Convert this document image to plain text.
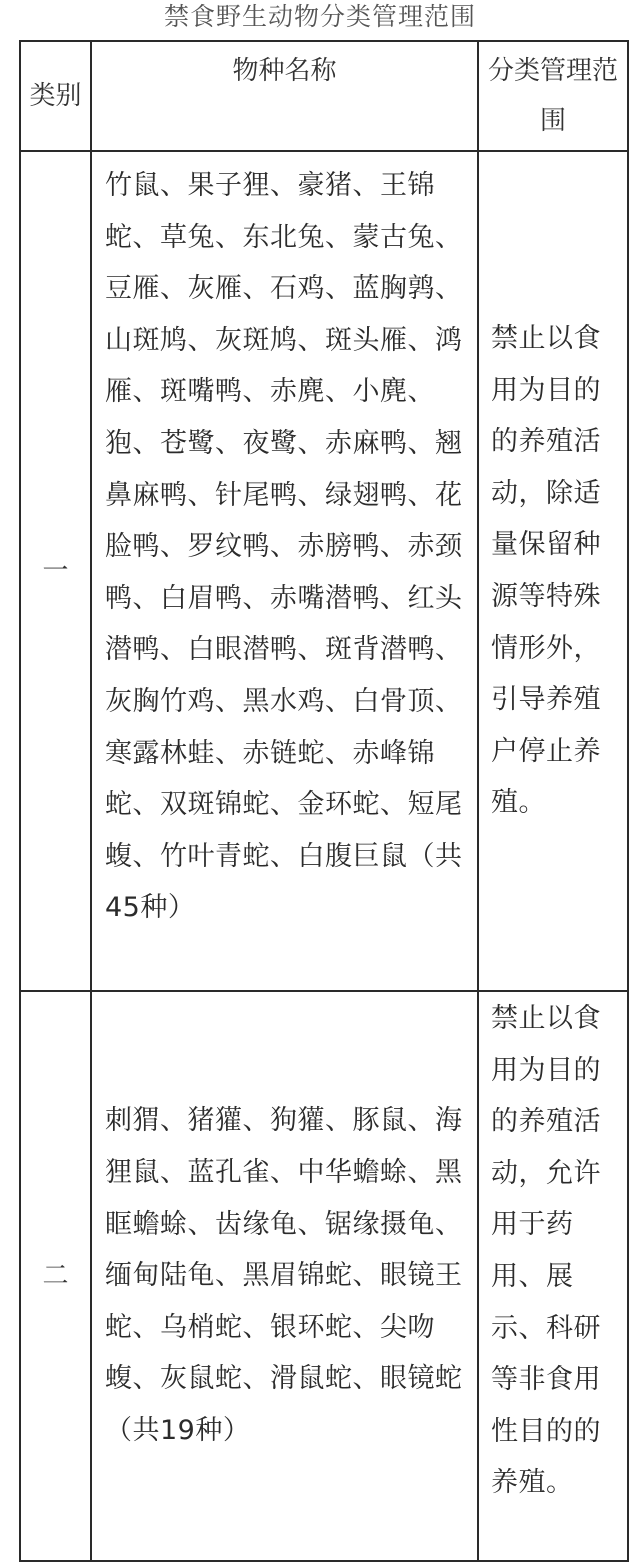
禁食野生动物分类管理范围
类别	物种名称	分类管理范围
一	竹鼠、果子狸、豪猪、王锦蛇、草兔、东北兔、蒙古兔、豆雁、灰雁、石鸡、蓝胸鹑、山斑鸠、灰斑鸠、斑头雁、鸿雁、斑嘴鸭、赤麂、小麂、狍、苍鹭、夜鹭、赤麻鸭、翘鼻麻鸭、针尾鸭、绿翅鸭、花脸鸭、罗纹鸭、赤膀鸭、赤颈鸭、白眉鸭、赤嘴潜鸭、红头潜鸭、白眼潜鸭、斑背潜鸭、灰胸竹鸡、黑水鸡、白骨顶、寒露林蛙、赤链蛇、赤峰锦蛇、双斑锦蛇、金环蛇、短尾蝮、竹叶青蛇、白腹巨鼠（共45种）	禁止以食用为目的的养殖活动，除适量保留种源等特殊情形外，引导养殖户停止养殖。
二	刺猬、猪獾、狗獾、豚鼠、海狸鼠、蓝孔雀、中华蟾蜍、黑眶蟾蜍、齿缘龟、锯缘摄龟、缅甸陆龟、黑眉锦蛇、眼镜王蛇、乌梢蛇、银环蛇、尖吻蝮、灰鼠蛇、滑鼠蛇、眼镜蛇（共19种）	禁止以食用为目的的养殖活动，允许用于药用、展示、科研等非食用性目的的养殖。
